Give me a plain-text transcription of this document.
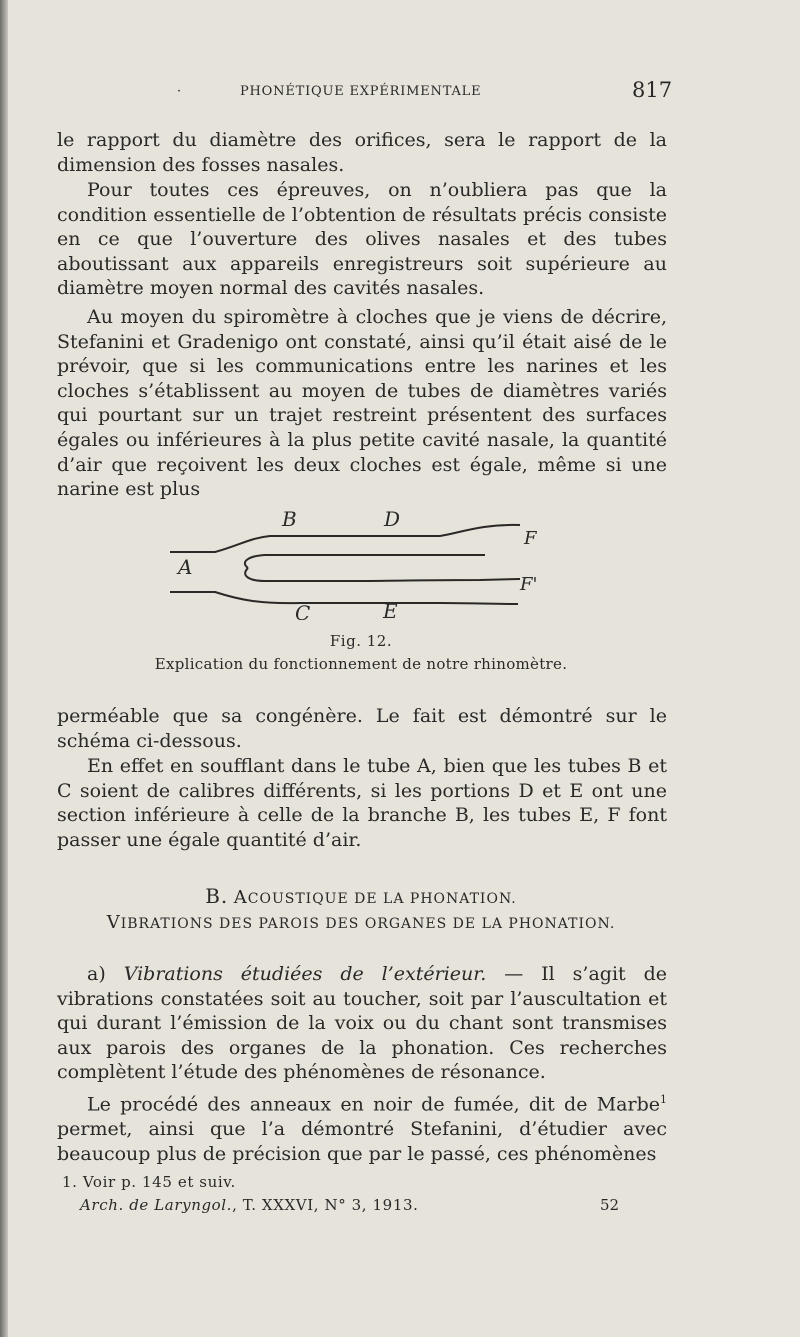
·	PHONÉTIQUE EXPÉRIMENTALE	817

le rapport du diamètre des orifices, sera le rapport de la dimension des fosses nasales.

Pour toutes ces épreuves, on n’oubliera pas que la condition essentielle de l’obtention de résultats précis consiste en ce que l’ouverture des olives nasales et des tubes aboutissant aux appareils enregistreurs soit supérieure au diamètre moyen normal des cavités nasales.

Au moyen du spiromètre à cloches que je viens de décrire, Stefanini et Gradenigo ont constaté, ainsi qu’il était aisé de le prévoir, que si les communications entre les narines et les cloches s’établissent au moyen de tubes de diamètres variés qui pourtant sur un trajet restreint présentent des surfaces égales ou inférieures à la plus petite cavité nasale, la quantité d’air que reçoivent les deux cloches est égale, même si une narine est plus

A
B	D
F
F'
C	E
Fig. 12.
Explication du fonctionnement de notre rhinomètre.

perméable que sa congénère. Le fait est démontré sur le schéma ci-dessous.

En effet en soufflant dans le tube A, bien que les tubes B et C soient de calibres différents, si les portions D et E ont une section inférieure à celle de la branche B, les tubes E, F font passer une égale quantité d’air.

B. ACOUSTIQUE DE LA PHONATION.
VIBRATIONS DES PAROIS DES ORGANES DE LA PHONATION.

a) Vibrations étudiées de l’extérieur. — Il s’agit de vibrations constatées soit au toucher, soit par l’auscultation et qui durant l’émission de la voix ou du chant sont transmises aux parois des organes de la phonation. Ces recherches complètent l’étude des phénomènes de résonance.

Le procédé des anneaux en noir de fumée, dit de Marbe$^1$ permet, ainsi que l’a démontré Stefanini, d’étudier avec beaucoup plus de précision que par le passé, ces phénomènes

1. Voir p. 145 et suiv.
Arch. de Laryngol., T. XXXVI, N° 3, 1913.	52
